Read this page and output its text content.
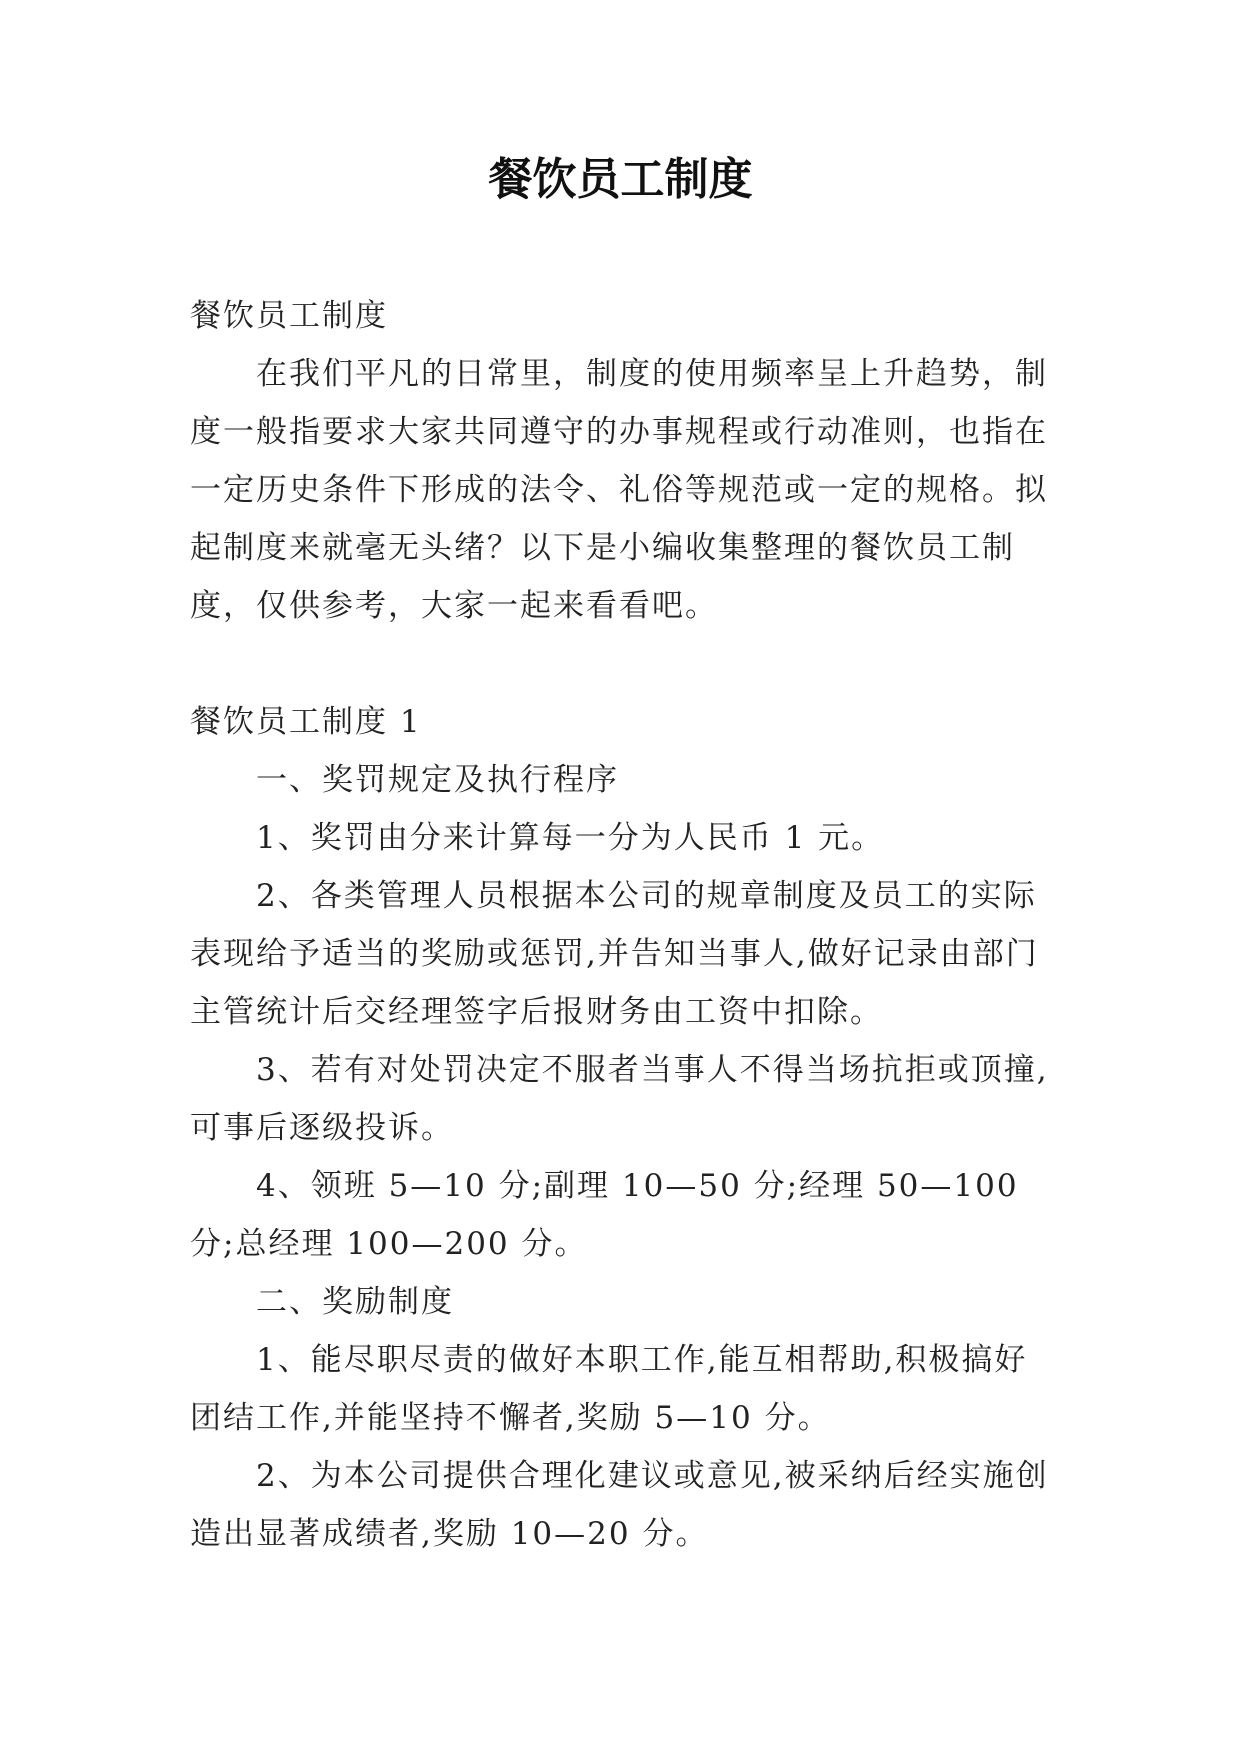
餐饮员工制度

餐饮员工制度

在我们平凡的日常里，制度的使用频率呈上升趋势，制度一般指要求大家共同遵守的办事规程或行动准则，也指在一定历史条件下形成的法令、礼俗等规范或一定的规格。拟起制度来就毫无头绪？以下是小编收集整理的餐饮员工制度，仅供参考，大家一起来看看吧。

餐饮员工制度 1

一、奖罚规定及执行程序

1、奖罚由分来计算每一分为人民币 1 元。

2、各类管理人员根据本公司的规章制度及员工的实际表现给予适当的奖励或惩罚,并告知当事人,做好记录由部门主管统计后交经理签字后报财务由工资中扣除。

3、若有对处罚决定不服者当事人不得当场抗拒或顶撞,可事后逐级投诉。

4、领班 5—10 分;副理 10—50 分;经理 50—100 分;总经理 100—200 分。

二、奖励制度

1、能尽职尽责的做好本职工作,能互相帮助,积极搞好团结工作,并能坚持不懈者,奖励 5—10 分。

2、为本公司提供合理化建议或意见,被采纳后经实施创造出显著成绩者,奖励 10—20 分。
